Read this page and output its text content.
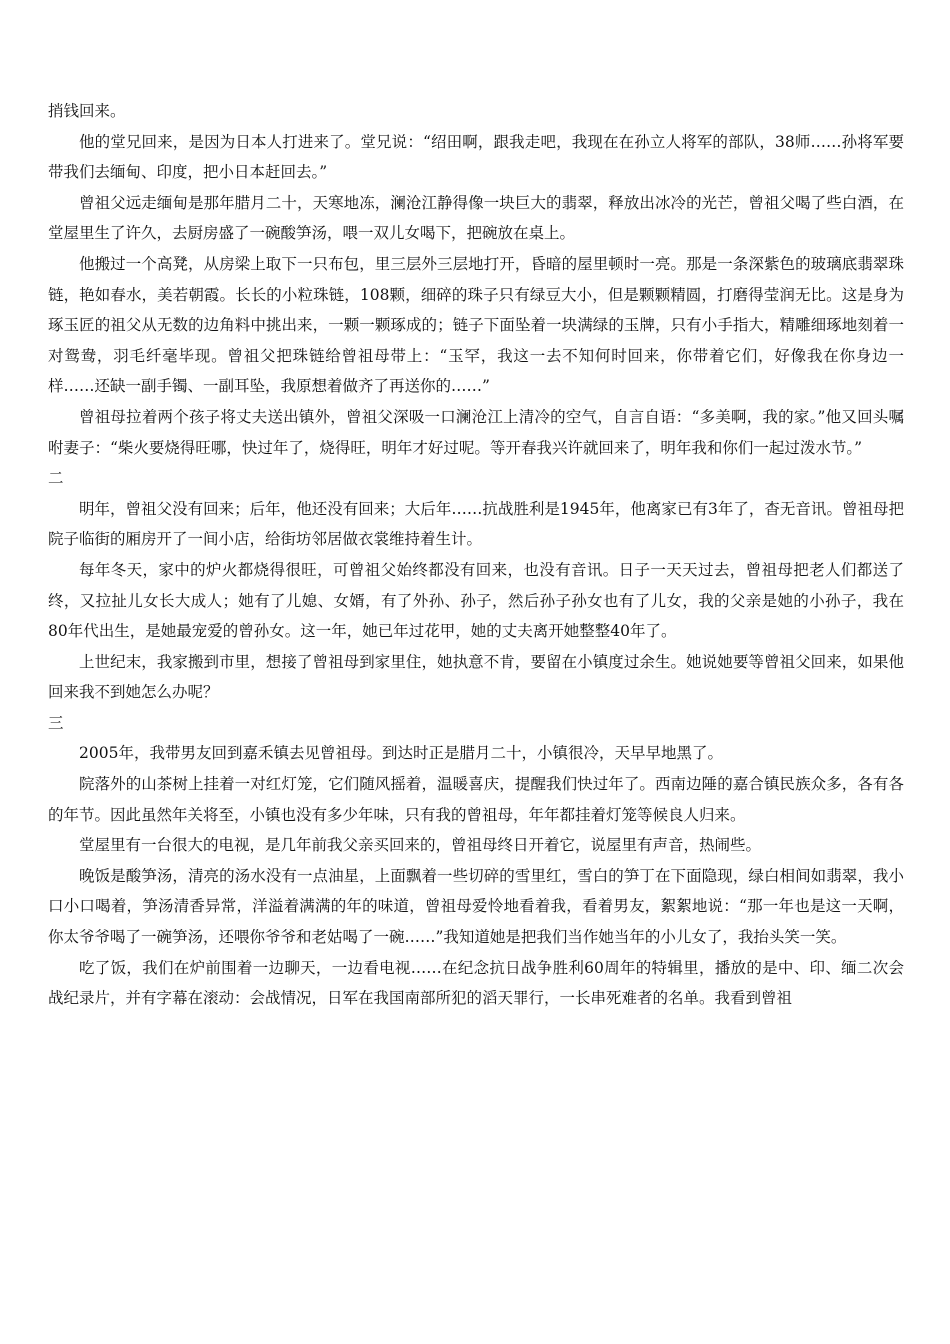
捎钱回来。

他的堂兄回来，是因为日本人打进来了。堂兄说：“绍田啊，跟我走吧，我现在在孙立人将军的部队，38师……孙将军要带我们去缅甸、印度，把小日本赶回去。”

曾祖父远走缅甸是那年腊月二十，天寒地冻，澜沧江静得像一块巨大的翡翠，释放出冰冷的光芒，曾祖父喝了些白酒，在堂屋里生了许久，去厨房盛了一碗酸笋汤，喂一双儿女喝下，把碗放在桌上。

他搬过一个高凳，从房梁上取下一只布包，里三层外三层地打开，昏暗的屋里顿时一亮。那是一条深紫色的玻璃底翡翠珠链，艳如春水，美若朝霞。长长的小粒珠链，108颗，细碎的珠子只有绿豆大小，但是颗颗精圆，打磨得莹润无比。这是身为琢玉匠的祖父从无数的边角料中挑出来，一颗一颗琢成的；链子下面坠着一块满绿的玉牌，只有小手指大，精雕细琢地刻着一对鸳鸯，羽毛纤毫毕现。曾祖父把珠链给曾祖母带上：“玉罕，我这一去不知何时回来，你带着它们，好像我在你身边一样……还缺一副手镯、一副耳坠，我原想着做齐了再送你的……”

曾祖母拉着两个孩子将丈夫送出镇外，曾祖父深吸一口澜沧江上清冷的空气，自言自语：“多美啊，我的家。”他又回头嘱咐妻子：“柴火要烧得旺哪，快过年了，烧得旺，明年才好过呢。等开春我兴许就回来了，明年我和你们一起过泼水节。”

二

明年，曾祖父没有回来；后年，他还没有回来；大后年……抗战胜利是1945年，他离家已有3年了，杳无音讯。曾祖母把院子临街的厢房开了一间小店，给街坊邻居做衣裳维持着生计。

每年冬天，家中的炉火都烧得很旺，可曾祖父始终都没有回来，也没有音讯。日子一天天过去，曾祖母把老人们都送了终，又拉扯儿女长大成人；她有了儿媳、女婿，有了外孙、孙子，然后孙子孙女也有了儿女，我的父亲是她的小孙子，我在80年代出生，是她最宠爱的曾孙女。这一年，她已年过花甲，她的丈夫离开她整整40年了。

上世纪末，我家搬到市里，想接了曾祖母到家里住，她执意不肯，要留在小镇度过余生。她说她要等曾祖父回来，如果他回来我不到她怎么办呢？

三

2005年，我带男友回到嘉禾镇去见曾祖母。到达时正是腊月二十，小镇很冷，天早早地黑了。

院落外的山茶树上挂着一对红灯笼，它们随风摇着，温暖喜庆，提醒我们快过年了。西南边陲的嘉合镇民族众多，各有各的年节。因此虽然年关将至，小镇也没有多少年味，只有我的曾祖母，年年都挂着灯笼等候良人归来。

堂屋里有一台很大的电视，是几年前我父亲买回来的，曾祖母终日开着它，说屋里有声音，热闹些。

晚饭是酸笋汤，清亮的汤水没有一点油星，上面飘着一些切碎的雪里红，雪白的笋丁在下面隐现，绿白相间如翡翠，我小口小口喝着，笋汤清香异常，洋溢着满满的年的味道，曾祖母爱怜地看着我，看着男友，絮絮地说：“那一年也是这一天啊，你太爷爷喝了一碗笋汤，还喂你爷爷和老姑喝了一碗……”我知道她是把我们当作她当年的小儿女了，我抬头笑一笑。

吃了饭，我们在炉前围着一边聊天，一边看电视……在纪念抗日战争胜利60周年的特辑里，播放的是中、印、缅二次会战纪录片，并有字幕在滚动：会战情况，日军在我国南部所犯的滔天罪行，一长串死难者的名单。我看到曾祖
